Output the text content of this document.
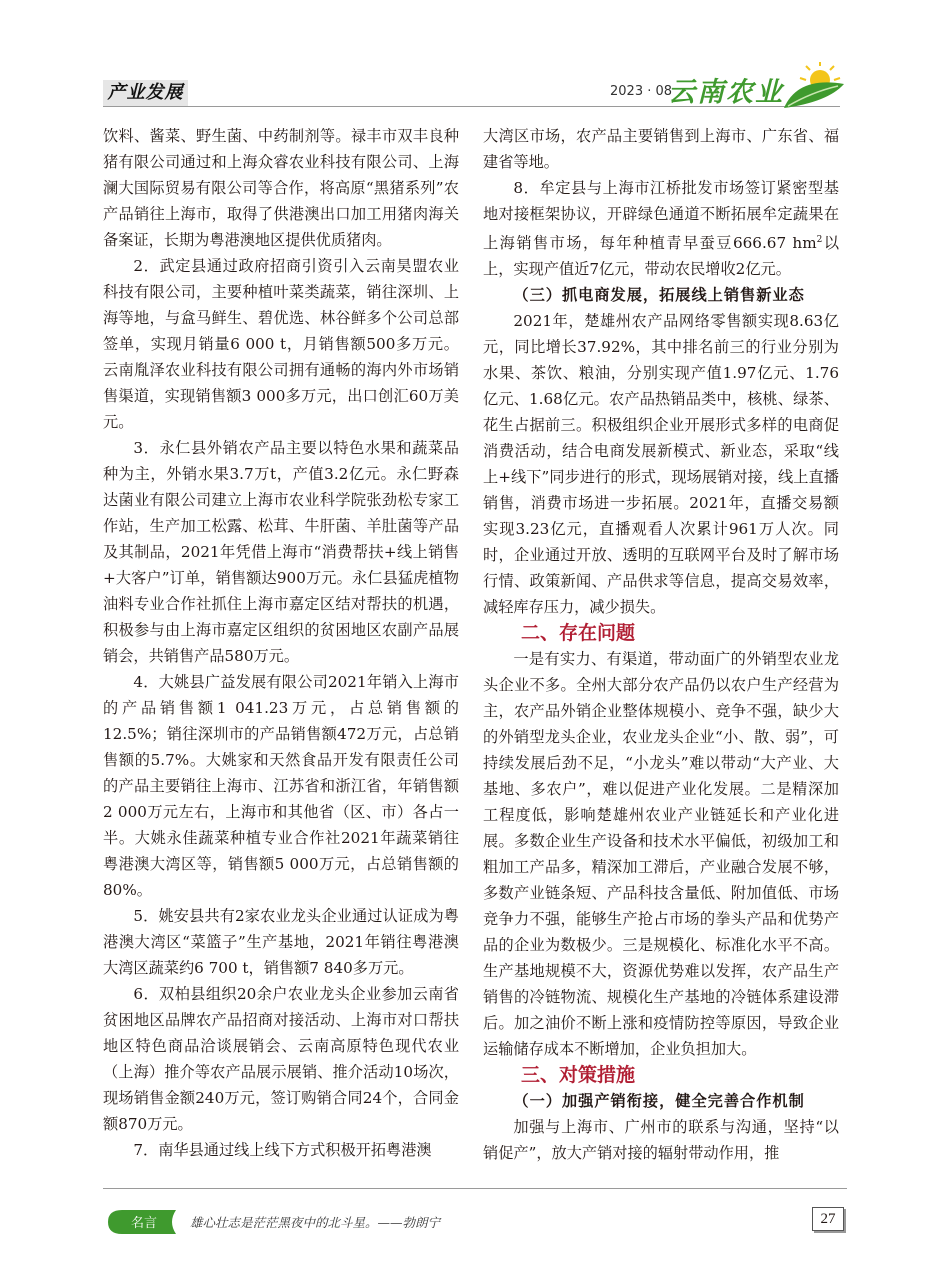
产业发展	2023 · 08
云南农业

饮料、酱菜、野生菌、中药制剂等。禄丰市双丰良种猪有限公司通过和上海众睿农业科技有限公司、上海澜大国际贸易有限公司等合作，将高原“黑猪系列”农产品销往上海市，取得了供港澳出口加工用猪肉海关备案证，长期为粤港澳地区提供优质猪肉。

2．武定县通过政府招商引资引入云南昊盟农业科技有限公司，主要种植叶菜类蔬菜，销往深圳、上海等地，与盒马鲜生、碧优选、林谷鲜多个公司总部签单，实现月销量6 000 t，月销售额500多万元。云南胤泽农业科技有限公司拥有通畅的海内外市场销售渠道，实现销售额3 000多万元，出口创汇60万美元。

3．永仁县外销农产品主要以特色水果和蔬菜品种为主，外销水果3.7万t，产值3.2亿元。永仁野森达菌业有限公司建立上海市农业科学院张劲松专家工作站，生产加工松露、松茸、牛肝菌、羊肚菌等产品及其制品，2021年凭借上海市“消费帮扶+线上销售+大客户”订单，销售额达900万元。永仁县猛虎植物油料专业合作社抓住上海市嘉定区结对帮扶的机遇，积极参与由上海市嘉定区组织的贫困地区农副产品展销会，共销售产品580万元。

4．大姚县广益发展有限公司2021年销入上海市的产品销售额1 041.23万元，占总销售额的12.5%；销往深圳市的产品销售额472万元，占总销售额的5.7%。大姚家和天然食品开发有限责任公司的产品主要销往上海市、江苏省和浙江省，年销售额2 000万元左右，上海市和其他省（区、市）各占一半。大姚永佳蔬菜种植专业合作社2021年蔬菜销往粤港澳大湾区等，销售额5 000万元，占总销售额的80%。

5．姚安县共有2家农业龙头企业通过认证成为粤港澳大湾区“菜篮子”生产基地，2021年销往粤港澳大湾区蔬菜约6 700 t，销售额7 840多万元。

6．双柏县组织20余户农业龙头企业参加云南省贫困地区品牌农产品招商对接活动、上海市对口帮扶地区特色商品洽谈展销会、云南高原特色现代农业（上海）推介等农产品展示展销、推介活动10场次，现场销售金额240万元，签订购销合同24个，合同金额870万元。

7．南华县通过线上线下方式积极开拓粤港澳

大湾区市场，农产品主要销售到上海市、广东省、福建省等地。

8．牟定县与上海市江桥批发市场签订紧密型基地对接框架协议，开辟绿色通道不断拓展牟定蔬果在上海销售市场，每年种植青早蚕豆666.67 $hm^2$以上，实现产值近7亿元，带动农民增收2亿元。

（三）抓电商发展，拓展线上销售新业态

2021年，楚雄州农产品网络零售额实现8.63亿元，同比增长37.92%，其中排名前三的行业分别为水果、茶饮、粮油，分别实现产值1.97亿元、1.76亿元、1.68亿元。农产品热销品类中，核桃、绿茶、花生占据前三。积极组织企业开展形式多样的电商促消费活动，结合电商发展新模式、新业态，采取“线上+线下”同步进行的形式，现场展销对接，线上直播销售，消费市场进一步拓展。2021年，直播交易额实现3.23亿元，直播观看人次累计961万人次。同时，企业通过开放、透明的互联网平台及时了解市场行情、政策新闻、产品供求等信息，提高交易效率，减轻库存压力，减少损失。

二、存在问题

一是有实力、有渠道，带动面广的外销型农业龙头企业不多。全州大部分农产品仍以农户生产经营为主，农产品外销企业整体规模小、竞争不强，缺少大的外销型龙头企业，农业龙头企业“小、散、弱”，可持续发展后劲不足，“小龙头”难以带动“大产业、大基地、多农户”，难以促进产业化发展。二是精深加工程度低，影响楚雄州农业产业链延长和产业化进展。多数企业生产设备和技术水平偏低，初级加工和粗加工产品多，精深加工滞后，产业融合发展不够，多数产业链条短、产品科技含量低、附加值低、市场竞争力不强，能够生产抢占市场的拳头产品和优势产品的企业为数极少。三是规模化、标准化水平不高。生产基地规模不大，资源优势难以发挥，农产品生产销售的冷链物流、规模化生产基地的冷链体系建设滞后。加之油价不断上涨和疫情防控等原因，导致企业运输储存成本不断增加，企业负担加大。

三、对策措施

（一）加强产销衔接，健全完善合作机制

加强与上海市、广州市的联系与沟通，坚持“以销促产”，放大产销对接的辐射带动作用，推

名言	雄心壮志是茫茫黑夜中的北斗星。——勃朗宁	27
